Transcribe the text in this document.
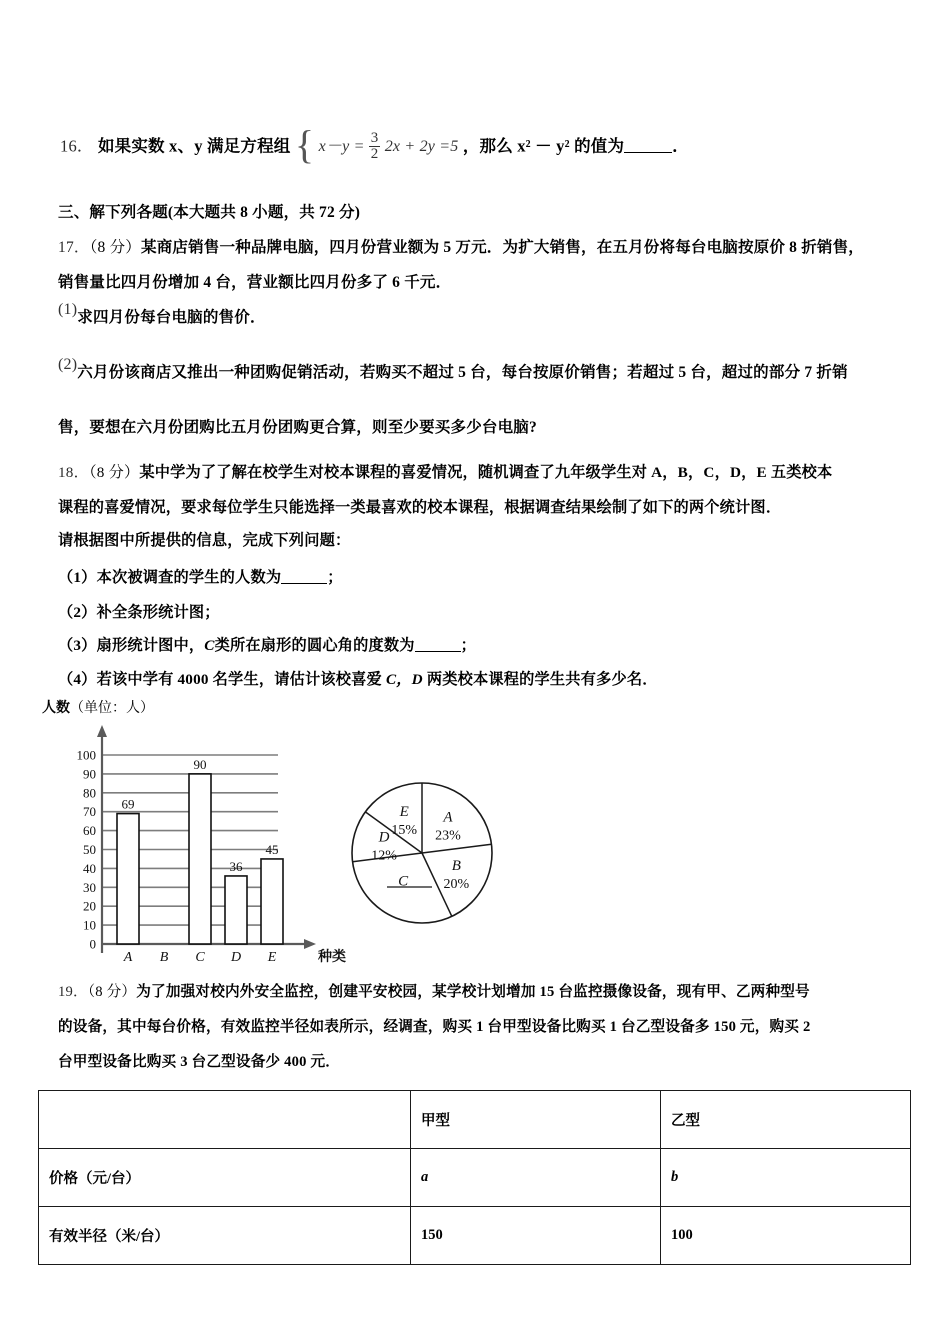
16． 如果实数 x、y 满足方程组 { $x-y = \frac{3}{2} 2x + 2y =5$ ，那么 x² － y² 的值为	．
三、解下列各题(本大题共 8 小题，共 72 分)
17．（8 分）某商店销售一种品牌电脑，四月份营业额为 5 万元．为扩大销售，在五月份将每台电脑按原价 8 折销售，
销售量比四月份增加 4 台，营业额比四月份多了 6 千元．
(1)求四月份每台电脑的售价．
(2)六月份该商店又推出一种团购促销活动，若购买不超过 5 台，每台按原价销售；若超过 5 台，超过的部分 7 折销
售，要想在六月份团购比五月份团购更合算，则至少要买多少台电脑?
18．（8 分）某中学为了了解在校学生对校本课程的喜爱情况，随机调查了九年级学生对 A，B，C，D，E 五类校本
课程的喜爱情况，要求每位学生只能选择一类最喜欢的校本课程，根据调查结果绘制了如下的两个统计图．
请根据图中所提供的信息，完成下列问题：
（1）本次被调查的学生的人数为	；
（2）补全条形统计图；
（3）扇形统计图中，C类所在扇形的圆心角的度数为	；
（4）若该中学有 4000 名学生，请估计该校喜爱 C，D 两类校本课程的学生共有多少名．
人数（单位：人）
0
10
20
30
40
50
60
70
80
90
100
69
90
36
45
A B C D E	种类
A
23%
B
20%
C
D
12%
E
15%
19．（8 分）为了加强对校内外安全监控，创建平安校园，某学校计划增加 15 台监控摄像设备，现有甲、乙两种型号
的设备，其中每台价格，有效监控半径如表所示，经调查，购买 1 台甲型设备比购买 1 台乙型设备多 150 元，购买 2
台甲型设备比购买 3 台乙型设备少 400 元．
	甲型	乙型
价格（元/台）	a	b
有效半径（米/台）	150	100
